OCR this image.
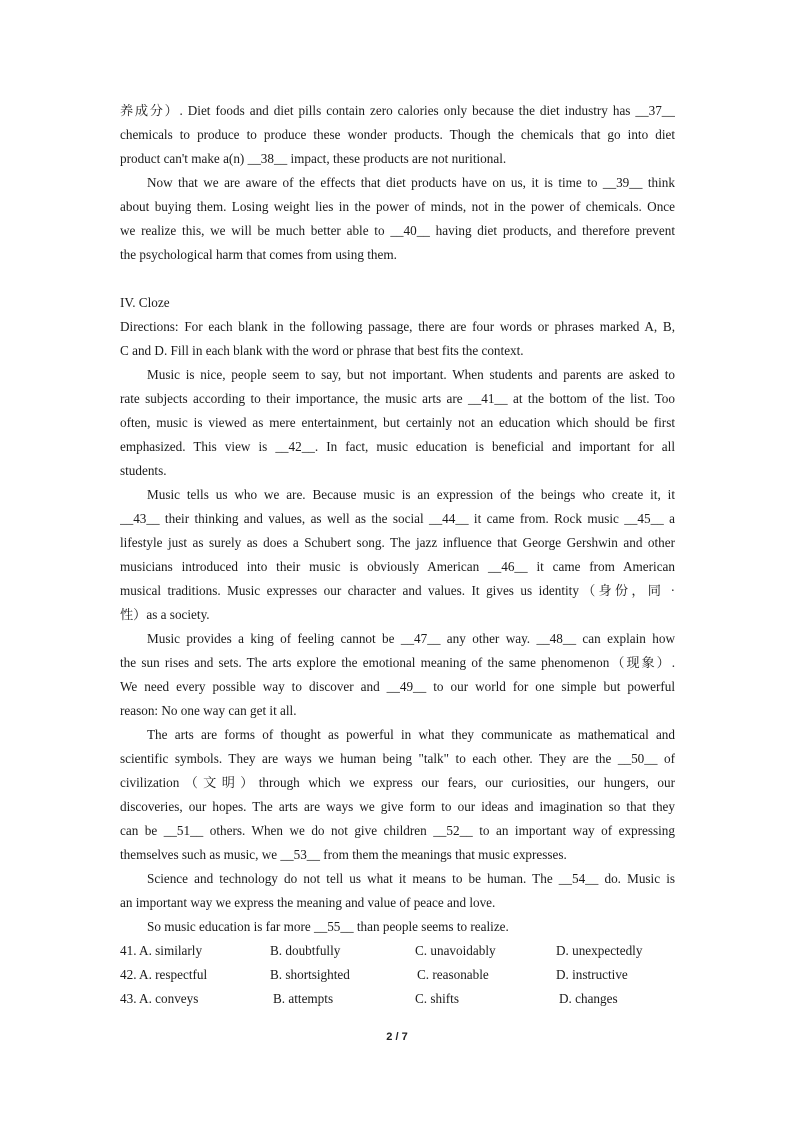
养成分）. Diet foods and diet pills contain zero calories only because the diet industry has __37__
chemicals to produce to produce these wonder products. Though the chemicals that go into diet
product can't make a(n) __38__ impact, these products are not nuritional.
Now that we are aware of the effects that diet products have on us, it is time to __39__ think
about buying them. Losing weight lies in the power of minds, not in the power of chemicals. Once
we realize this, we will be much better able to __40__ having diet products, and therefore prevent
the psychological harm that comes from using them.
IV. Cloze
Directions: For each blank in the following passage, there are four words or phrases marked A, B,
C and D. Fill in each blank with the word or phrase that best fits the context.
Music is nice, people seem to say, but not important. When students and parents are asked to
rate subjects according to their importance, the music arts are __41__ at the bottom of the list. Too
often, music is viewed as mere entertainment, but certainly not an education which should be first
emphasized. This view is __42__. In fact, music education is beneficial and important for all
students.
Music tells us who we are. Because music is an expression of the beings who create it, it
__43__ their thinking and values, as well as the social __44__ it came from. Rock music __45__ a
lifestyle just as surely as does a Schubert song. The jazz influence that George Gershwin and other
musicians introduced into their music is obviously American __46__ it came from American
musical traditions. Music expresses our character and values. It gives us identity（身份，同 ·
性）as a society.
Music provides a king of feeling cannot be __47__ any other way. __48__ can explain how
the sun rises and sets. The arts explore the emotional meaning of the same phenomenon（现象）.
We need every possible way to discover and __49__ to our world for one simple but powerful
reason: No one way can get it all.
The arts are forms of thought as powerful in what they communicate as mathematical and
scientific symbols. They are ways we human being "talk" to each other. They are the __50__ of
civilization（文明）through which we express our fears, our curiosities, our hungers, our
discoveries, our hopes. The arts are ways we give form to our ideas and imagination so that they
can be __51__ others. When we do not give children __52__ to an important way of expressing
themselves such as music, we __53__ from them the meanings that music expresses.
Science and technology do not tell us what it means to be human. The __54__ do. Music is
an important way we express the meaning and value of peace and love.
So music education is far more __55__ than people seems to realize.
41. A. similarly	B. doubtfully	C. unavoidably	D. unexpectedly
42. A. respectful	B. shortsighted	C. reasonable	D. instructive
43. A. conveys	B. attempts	C. shifts	D. changes
2 / 7
